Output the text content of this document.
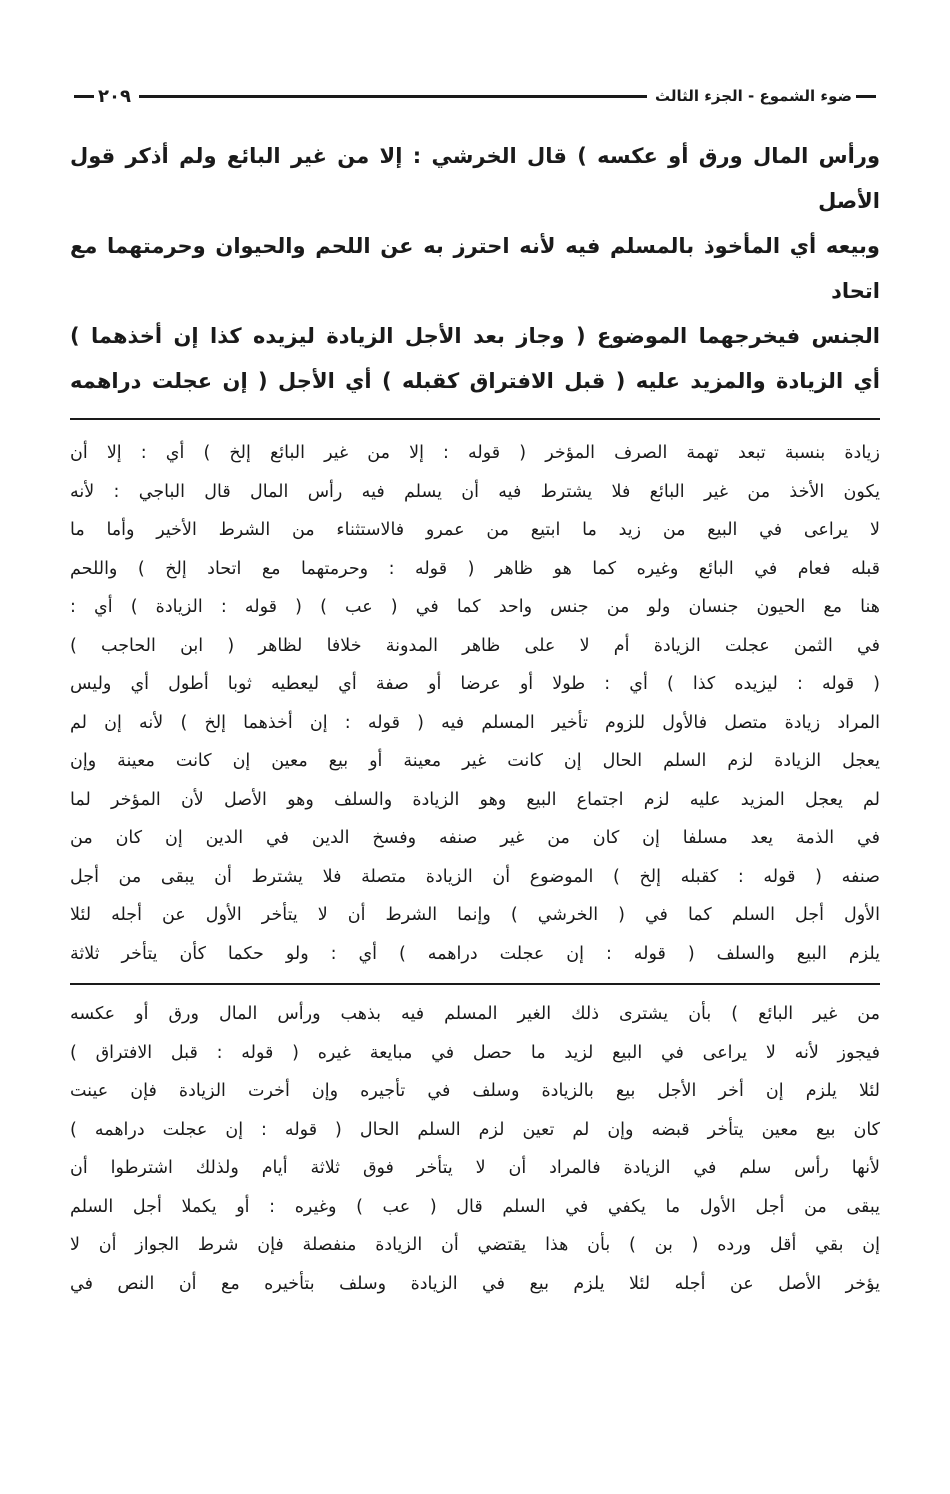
ضوء الشموع - الجزء الثالث
٢٠٩

ورأس المال ورق أو عكسه ) قال الخرشي : إلا من غير البائع ولم أذكر قول الأصل

وبيعه أي المأخوذ بالمسلم فيه لأنه احترز به عن اللحم والحيوان وحرمتهما مع اتحاد

الجنس فيخرجهما الموضوع ( وجاز بعد الأجل الزيادة ليزيده كذا إن أخذهما )

أي الزيادة والمزيد عليه ( قبل الافتراق كقبله ) أي الأجل ( إن عجلت دراهمه

زيادة بنسبة تبعد تهمة الصرف المؤخر ( قوله : إلا من غير البائع إلخ ) أي : إلا أن

يكون الأخذ من غير البائع فلا يشترط فيه أن يسلم فيه رأس المال قال الباجي : لأنه

لا يراعى في البيع من زيد ما ابتيع من عمرو فالاستثناء من الشرط الأخير وأما ما

قبله فعام في البائع وغيره كما هو ظاهر ( قوله : وحرمتهما مع اتحاد إلخ ) واللحم

هنا مع الحيون جنسان ولو من جنس واحد كما في ( عب ) ( قوله : الزيادة ) أي :

في الثمن عجلت الزيادة أم لا على ظاهر المدونة خلافا لظاهر ( ابن الحاجب )

( قوله : ليزيده كذا ) أي : طولا أو عرضا أو صفة أي ليعطيه ثوبا أطول أي وليس

المراد زيادة متصل فالأول للزوم تأخير المسلم فيه ( قوله : إن أخذهما إلخ ) لأنه إن لم

يعجل الزيادة لزم السلم الحال إن كانت غير معينة أو بيع معين إن كانت معينة وإن

لم يعجل المزيد عليه لزم اجتماع البيع وهو الزيادة والسلف وهو الأصل لأن المؤخر لما

في الذمة يعد مسلفا إن كان من غير صنفه وفسخ الدين في الدين إن كان من

صنفه ( قوله : كقبله إلخ ) الموضوع أن الزيادة متصلة فلا يشترط أن يبقى من أجل

الأول أجل السلم كما في ( الخرشي ) وإنما الشرط أن لا يتأخر الأول عن أجله لئلا

يلزم البيع والسلف ( قوله : إن عجلت دراهمه ) أي : ولو حكما كأن يتأخر ثلاثة

من غير البائع ) بأن يشترى ذلك الغير المسلم فيه بذهب ورأس المال ورق أو عكسه

فيجوز لأنه لا يراعى في البيع لزيد ما حصل في مبايعة غيره ( قوله : قبل الافتراق )

لئلا يلزم إن أخر الأجل بيع بالزيادة وسلف في تأجيره وإن أخرت الزيادة فإن عينت

كان بيع معين يتأخر قبضه وإن لم تعين لزم السلم الحال ( قوله : إن عجلت دراهمه )

لأنها رأس سلم في الزيادة فالمراد أن لا يتأخر فوق ثلاثة أيام ولذلك اشترطوا أن

يبقى من أجل الأول ما يكفي في السلم قال ( عب ) وغيره : أو يكملا أجل السلم

إن بقي أقل ورده ( بن ) بأن هذا يقتضي أن الزيادة منفصلة فإن شرط الجواز أن لا

يؤخر الأصل عن أجله لئلا يلزم بيع في الزيادة وسلف بتأخيره مع أن النص في
